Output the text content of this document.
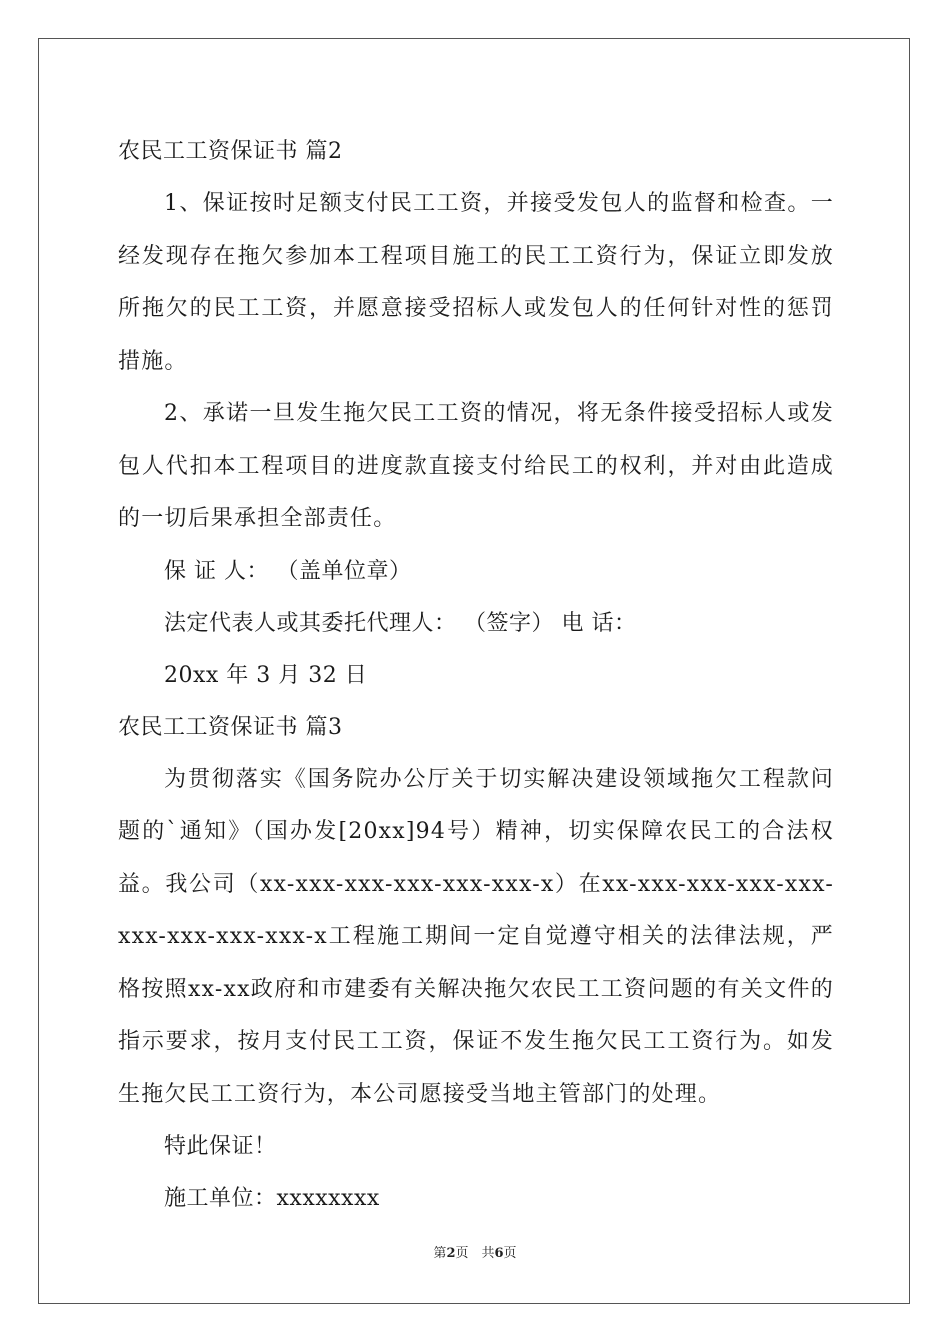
农民工工资保证书 篇2

1、保证按时足额支付民工工资，并接受发包人的监督和检查。一经发现存在拖欠参加本工程项目施工的民工工资行为，保证立即发放所拖欠的民工工资，并愿意接受招标人或发包人的任何针对性的惩罚措施。

2、承诺一旦发生拖欠民工工资的情况，将无条件接受招标人或发包人代扣本工程项目的进度款直接支付给民工的权利，并对由此造成的一切后果承担全部责任。

保 证 人： （盖单位章）
法定代表人或其委托代理人： （签字） 电 话：
20xx 年 3 月 32 日
农民工工资保证书 篇3

为贯彻落实《国务院办公厅关于切实解决建设领域拖欠工程款问题的`通知》（国办发[20xx]94号）精神，切实保障农民工的合法权益。我公司（xx-xxx-xxx-xxx-xxx-xxx-x）在xx-xxx-xxx-xxx-xxx-xxx-xxx-xxx-xxx-x工程施工期间一定自觉遵守相关的法律法规，严格按照xx-xx政府和市建委有关解决拖欠农民工工资问题的有关文件的指示要求，按月支付民工工资，保证不发生拖欠民工工资行为。如发生拖欠民工工资行为，本公司愿接受当地主管部门的处理。

特此保证！
施工单位：xxxxxxxx
第2页　共6页
